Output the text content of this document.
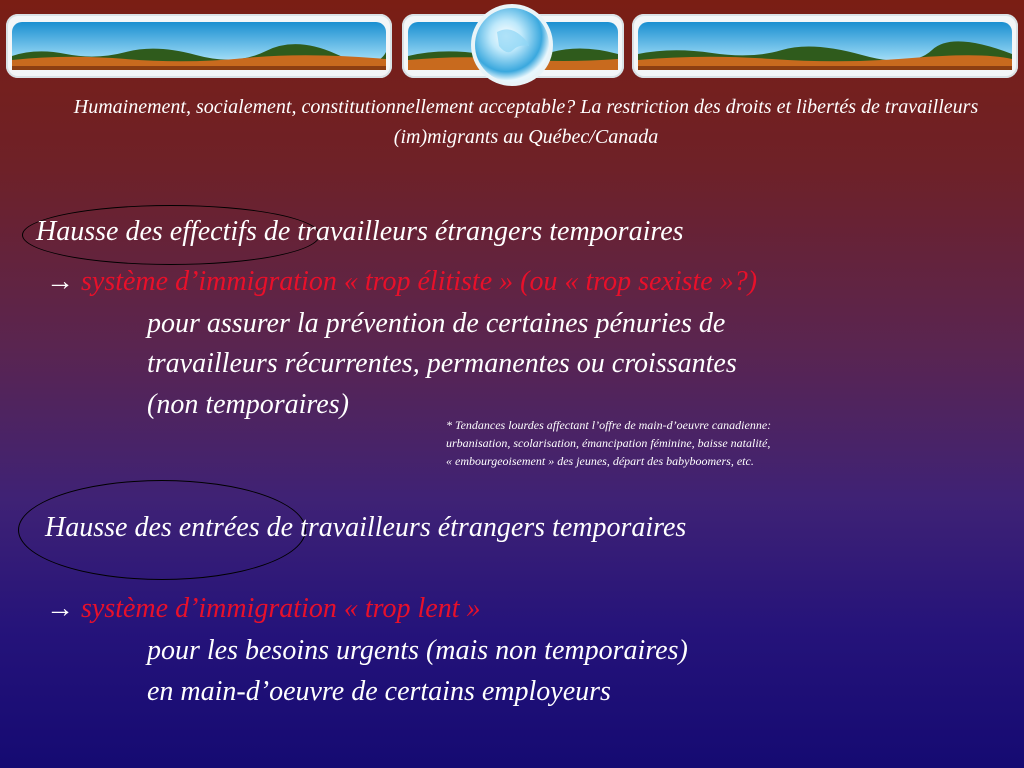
Humainement, socialement, constitutionnellement acceptable? La restriction des droits et libertés de travailleurs (im)migrants au Québec/Canada

Hausse des effectifs de travailleurs étrangers temporaires

→ système d’immigration « trop élitiste » (ou « trop sexiste »?)

pour assurer la prévention de certaines pénuries de

travailleurs récurrentes, permanentes ou croissantes

(non temporaires)

* Tendances lourdes affectant l’offre de main-d’oeuvre canadienne:
urbanisation, scolarisation, émancipation féminine, baisse natalité,
« embourgeoisement » des jeunes, départ des babyboomers, etc.

Hausse des entrées de travailleurs étrangers temporaires

→ système d’immigration « trop lent »

pour les besoins urgents (mais non temporaires)

en main-d’oeuvre de certains employeurs
